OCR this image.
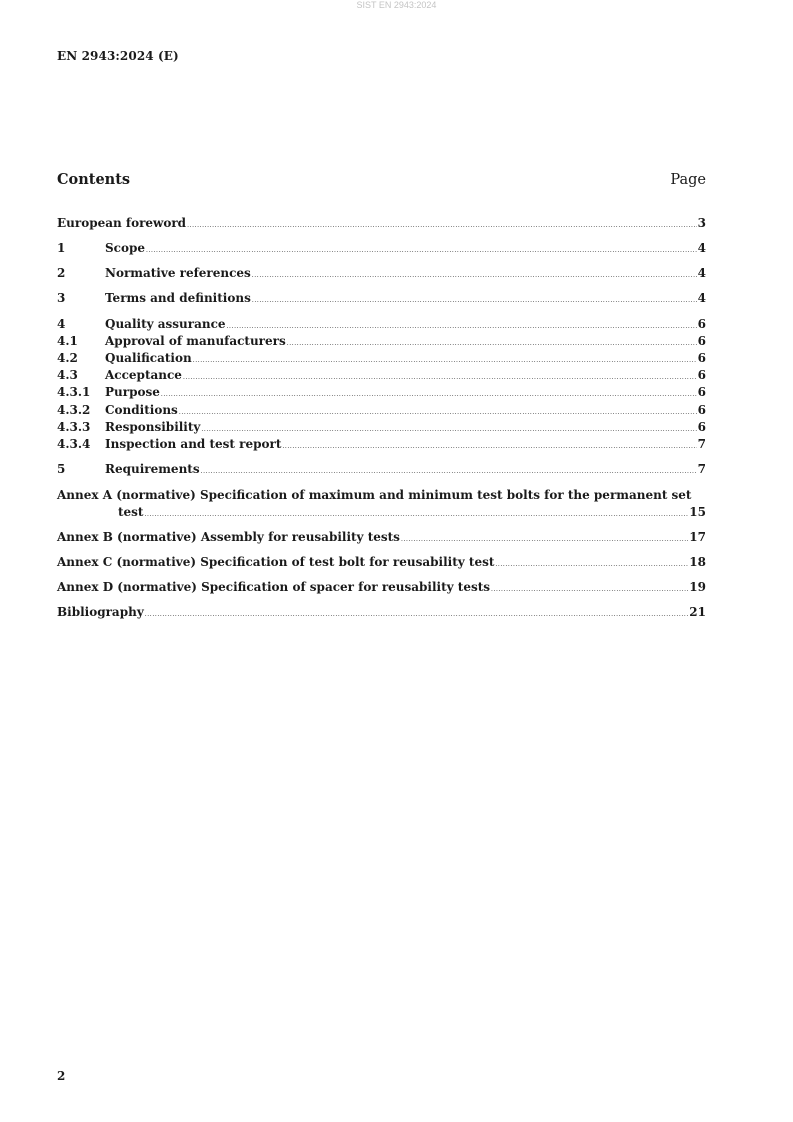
SIST EN 2943:2024
EN 2943:2024 (E)
Contents	Page
European foreword .....	3
1	Scope .....	4
2	Normative references .....	4
3	Terms and definitions .....	4
4	Quality assurance .....	6
4.1	Approval of manufacturers .....	6
4.2	Qualification .....	6
4.3	Acceptance .....	6
4.3.1	Purpose .....	6
4.3.2	Conditions .....	6
4.3.3	Responsibility .....	6
4.3.4	Inspection and test report .....	7
5	Requirements .....	7
Annex A (normative) Specification of maximum and minimum test bolts for the permanent set
test .....	15
Annex B (normative) Assembly for reusability tests .....	17
Annex C (normative) Specification of test bolt for reusability test .....	18
Annex D (normative) Specification of spacer for reusability tests .....	19
Bibliography .....	21
2
